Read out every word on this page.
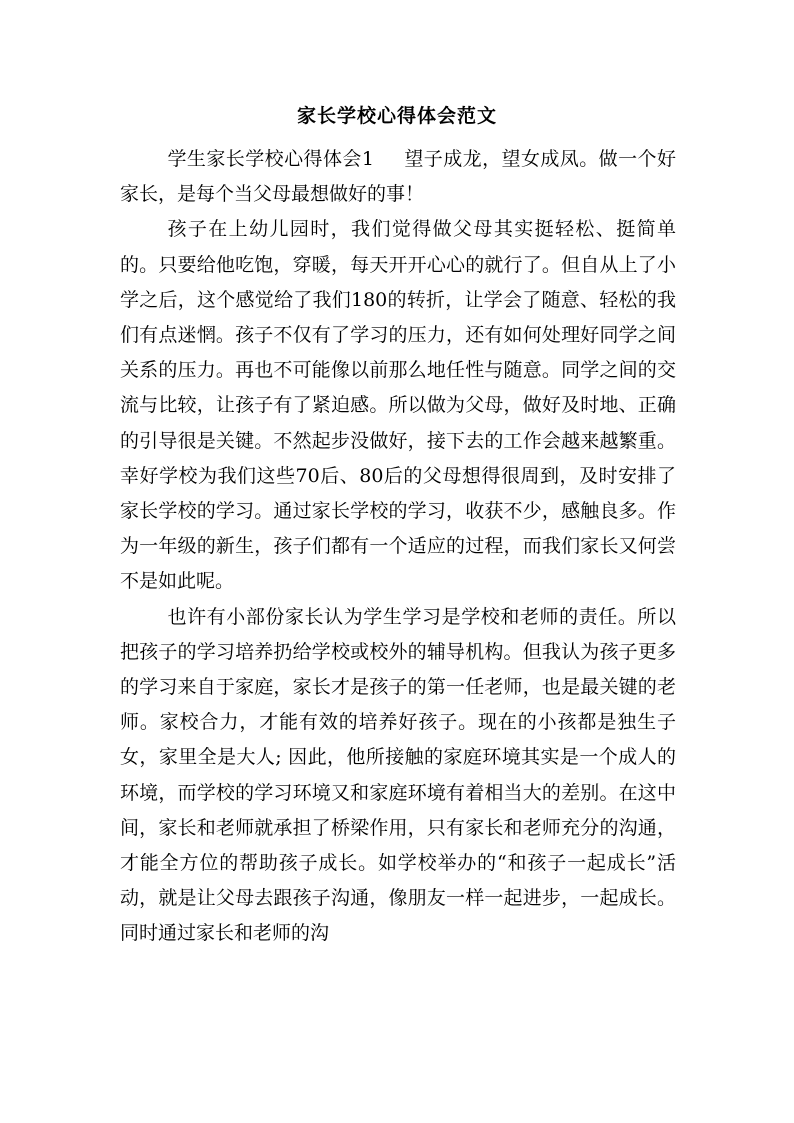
家长学校心得体会范文

学生家长学校心得体会1 望子成龙，望女成凤。做一个好家长，是每个当父母最想做好的事！

孩子在上幼儿园时，我们觉得做父母其实挺轻松、挺简单的。只要给他吃饱，穿暖，每天开开心心的就行了。但自从上了小学之后，这个感觉给了我们180的转折，让学会了随意、轻松的我们有点迷惘。孩子不仅有了学习的压力，还有如何处理好同学之间关系的压力。再也不可能像以前那么地任性与随意。同学之间的交流与比较，让孩子有了紧迫感。所以做为父母，做好及时地、正确的引导很是关键。不然起步没做好，接下去的工作会越来越繁重。幸好学校为我们这些70后、80后的父母想得很周到，及时安排了家长学校的学习。通过家长学校的学习，收获不少，感触良多。作为一年级的新生，孩子们都有一个适应的过程，而我们家长又何尝不是如此呢。

也许有小部份家长认为学生学习是学校和老师的责任。所以把孩子的学习培养扔给学校或校外的辅导机构。但我认为孩子更多的学习来自于家庭，家长才是孩子的第一任老师，也是最关键的老师。家校合力，才能有效的培养好孩子。现在的小孩都是独生子女，家里全是大人; 因此，他所接触的家庭环境其实是一个成人的环境，而学校的学习环境又和家庭环境有着相当大的差别。在这中间，家长和老师就承担了桥梁作用，只有家长和老师充分的沟通，才能全方位的帮助孩子成长。如学校举办的“和孩子一起成长”活动，就是让父母去跟孩子沟通，像朋友一样一起进步，一起成长。同时通过家长和老师的沟
